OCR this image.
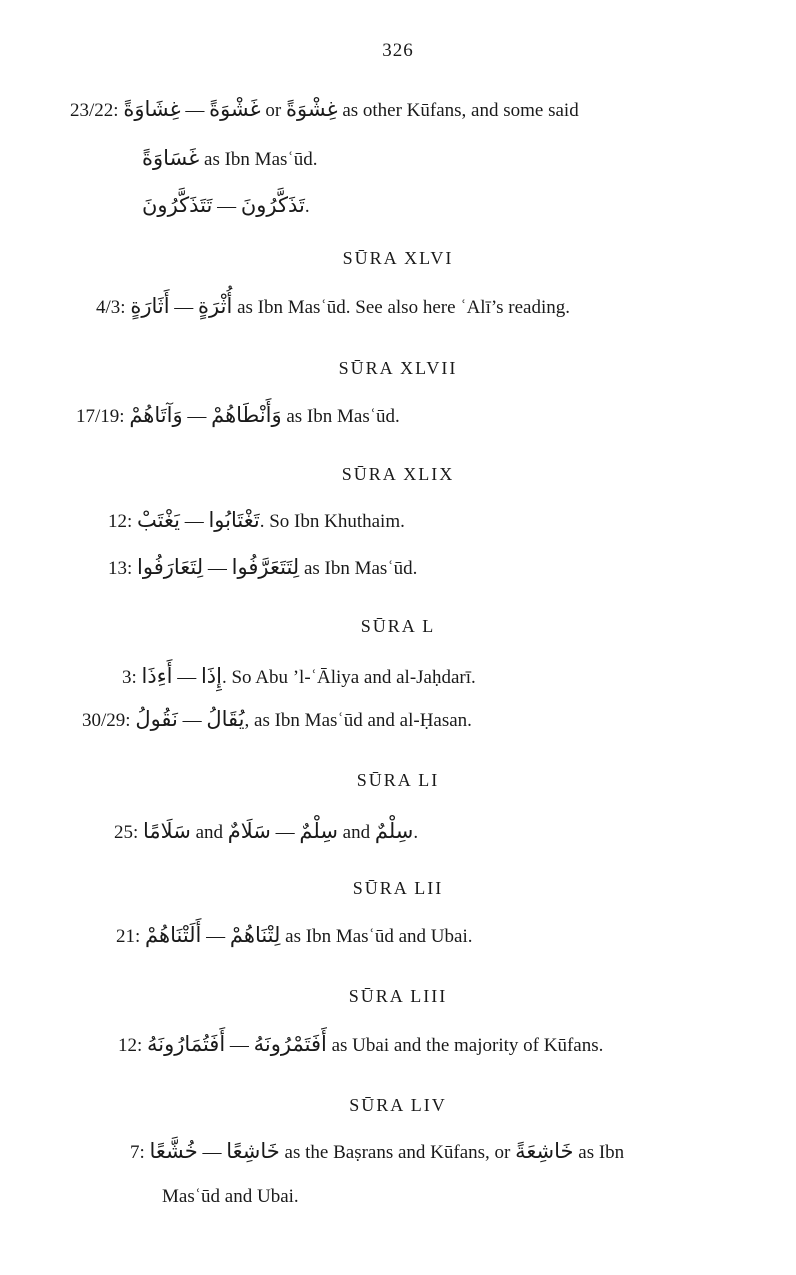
326
23/22: غِشَاوَةً — غَشْوَةً or غِشْوَةً as other Kūfans, and some said
غَسَاوَةً as Ibn Masʿūd.
تَتَذَكَّرُونَ — تَذَكَّرُونَ.
SŪRA XLVI
4/3: أَثَارَةٍ — أُثْرَةٍ as Ibn Masʿūd. See also here ʿAlī’s reading.
SŪRA XLVII
17/19: وَآتَاهُمْ — وَأَنْطَاهُمْ as Ibn Masʿūd.
SŪRA XLIX
12: يَغْتَبْ — تَغْتَابُوا. So Ibn Khuthaim.
13: لِتَعَارَفُوا — لِتَتَعَرَّفُوا as Ibn Masʿūd.
SŪRA L
3: أَءِذَا — إِذَا. So Abu ’l-ʿĀliya and al-Jaḥdarī.
30/29: نَقُولُ — يُقَالُ, as Ibn Masʿūd and al-Ḥasan.
SŪRA LI
25: سَلَامًا and سَلَامٌ — سِلْمٌ and سِلْمٌ.
SŪRA LII
21: أَلَتْنَاهُمْ — لِتْنَاهُمْ as Ibn Masʿūd and Ubai.
SŪRA LIII
12: أَفَتُمَارُونَهُ — أَفَتَمْرُونَهُ as Ubai and the majority of Kūfans.
SŪRA LIV
7: خُشَّعًا — خَاشِعًا as the Baṣrans and Kūfans, or خَاشِعَةً as Ibn
Masʿūd and Ubai.
